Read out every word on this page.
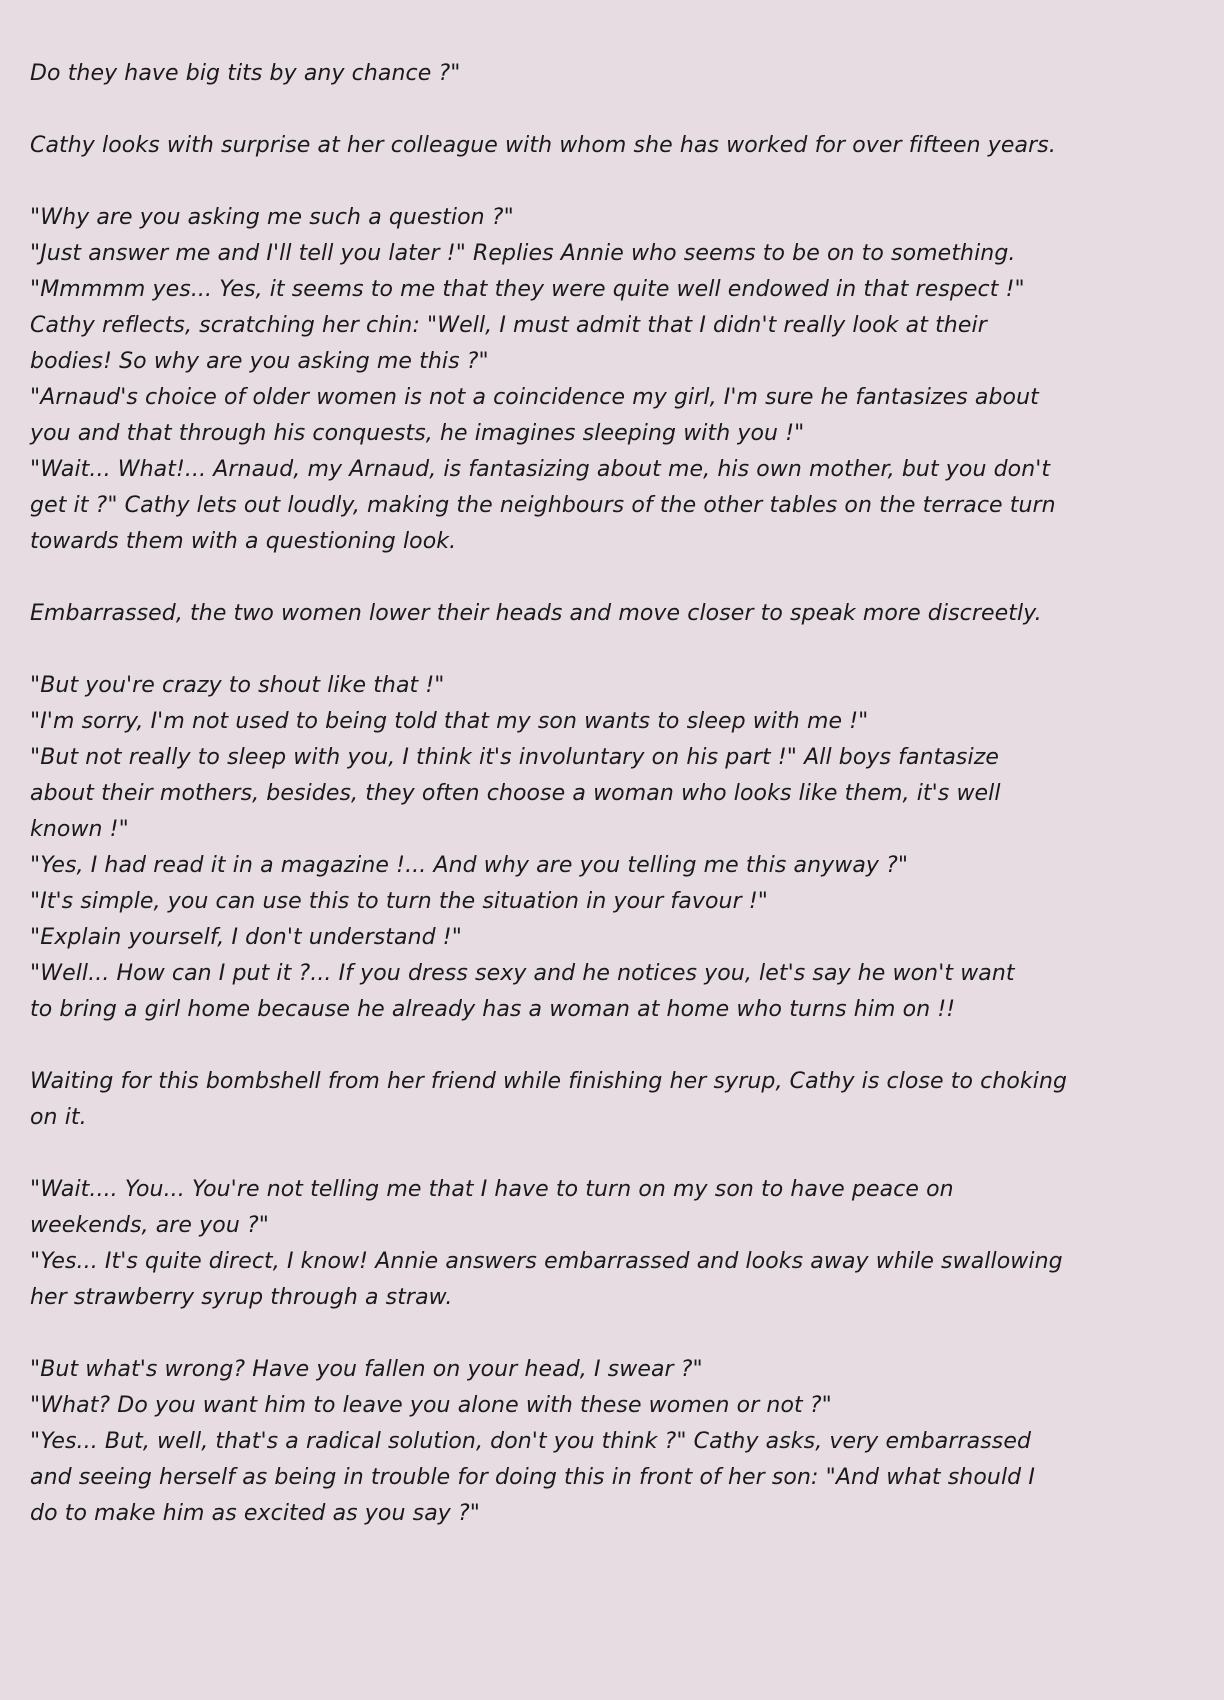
Do they have big tits by any chance ?"

Cathy looks with surprise at her colleague with whom she has worked for over fifteen years.

"Why are you asking me such a question ?"

"Just answer me and I'll tell you later !" Replies Annie who seems to be on to something.

"Mmmmm yes... Yes, it seems to me that they were quite well endowed in that respect !"

Cathy reflects, scratching her chin: "Well, I must admit that I didn't really look at their

bodies! So why are you asking me this ?"

"Arnaud's choice of older women is not a coincidence my girl, I'm sure he fantasizes about

you and that through his conquests, he imagines sleeping with you !"

"Wait... What!... Arnaud, my Arnaud, is fantasizing about me, his own mother, but you don't

get it ?" Cathy lets out loudly, making the neighbours of the other tables on the terrace turn

towards them with a questioning look.

Embarrassed, the two women lower their heads and move closer to speak more discreetly.

"But you're crazy to shout like that !"

"I'm sorry, I'm not used to being told that my son wants to sleep with me !"

"But not really to sleep with you, I think it's involuntary on his part !" All boys fantasize

about their mothers, besides, they often choose a woman who looks like them, it's well

known !"

"Yes, I had read it in a magazine !... And why are you telling me this anyway ?"

"It's simple, you can use this to turn the situation in your favour !"

"Explain yourself, I don't understand !"

"Well... How can I put it ?... If you dress sexy and he notices you, let's say he won't want

to bring a girl home because he already has a woman at home who turns him on !!

Waiting for this bombshell from her friend while finishing her syrup, Cathy is close to choking

on it.

"Wait.... You... You're not telling me that I have to turn on my son to have peace on

weekends, are you ?"

"Yes... It's quite direct, I know! Annie answers embarrassed and looks away while swallowing

her strawberry syrup through a straw.

"But what's wrong? Have you fallen on your head, I swear ?"

"What? Do you want him to leave you alone with these women or not ?"

"Yes... But, well, that's a radical solution, don't you think ?" Cathy asks, very embarrassed

and seeing herself as being in trouble for doing this in front of her son: "And what should I

do to make him as excited as you say ?"
